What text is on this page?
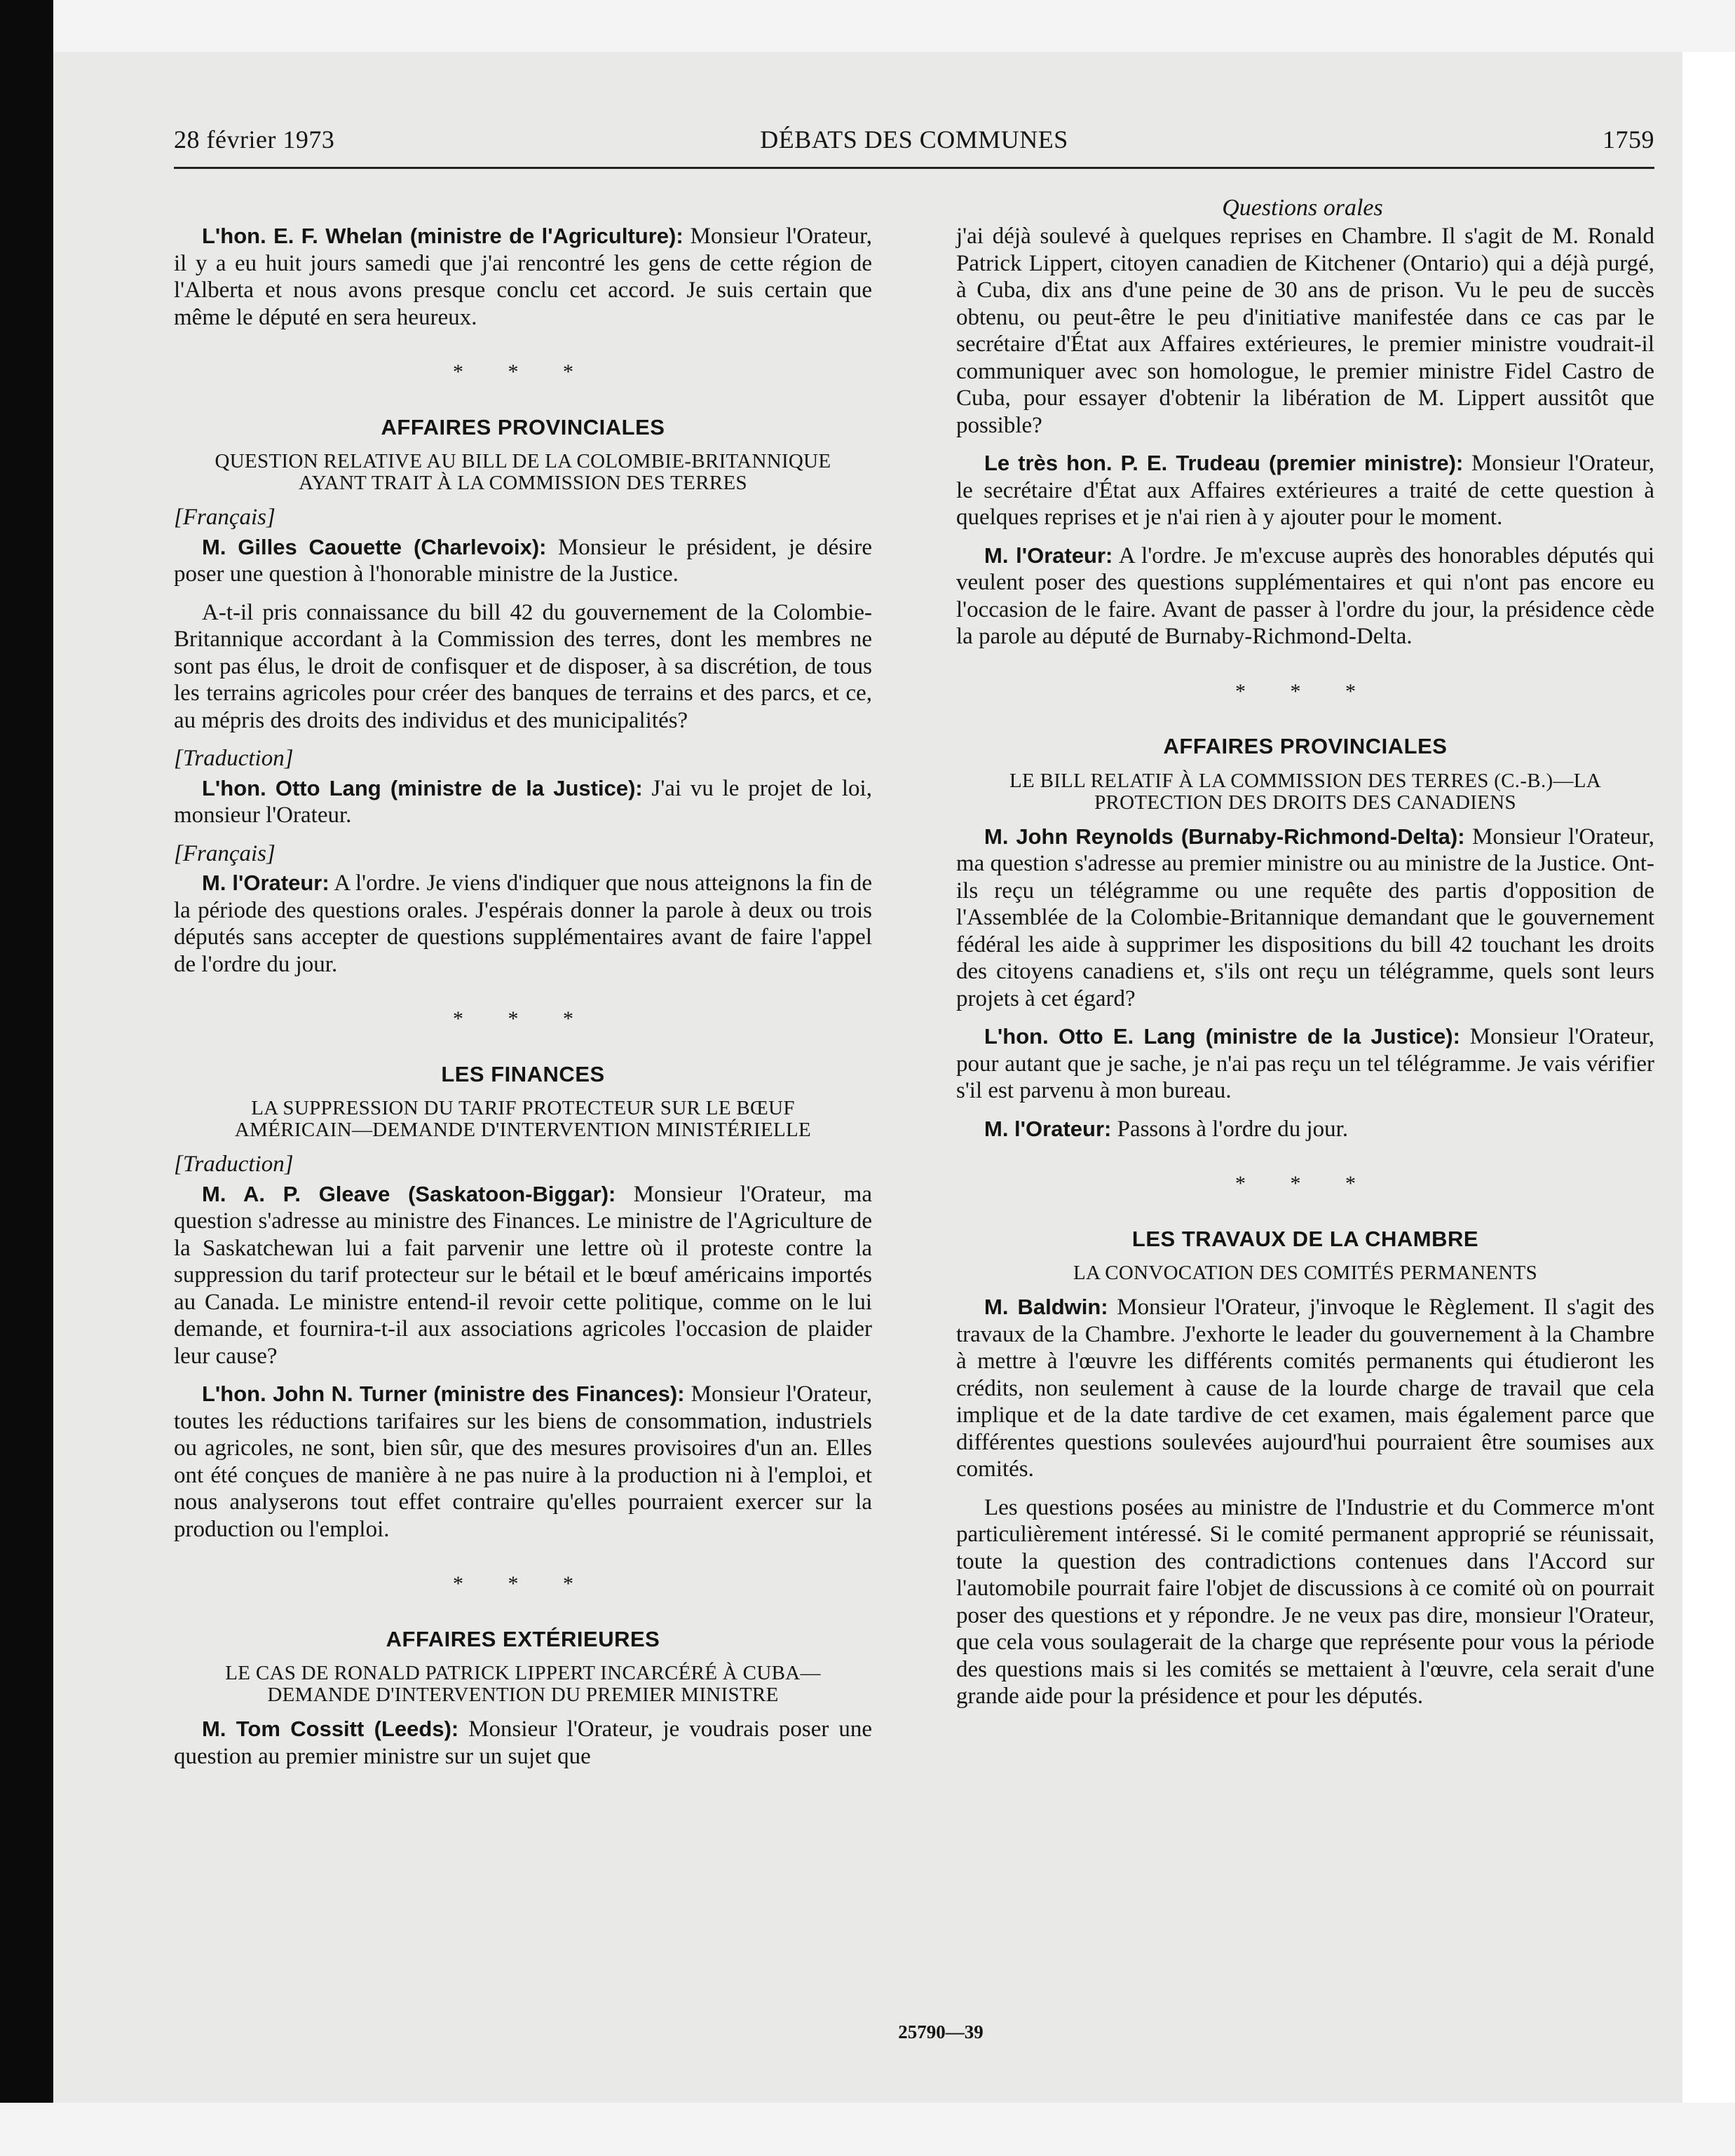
28 février 1973	DÉBATS DES COMMUNES	1759
Questions orales

L'hon. E. F. Whelan (ministre de l'Agriculture): Monsieur l'Orateur, il y a eu huit jours samedi que j'ai rencontré les gens de cette région de l'Alberta et nous avons presque conclu cet accord. Je suis certain que même le député en sera heureux.

* * *
AFFAIRES PROVINCIALES
QUESTION RELATIVE AU BILL DE LA COLOMBIE-BRITANNIQUE AYANT TRAIT À LA COMMISSION DES TERRES
[Français]

M. Gilles Caouette (Charlevoix): Monsieur le président, je désire poser une question à l'honorable ministre de la Justice.

A-t-il pris connaissance du bill 42 du gouvernement de la Colombie-Britannique accordant à la Commission des terres, dont les membres ne sont pas élus, le droit de confisquer et de disposer, à sa discrétion, de tous les terrains agricoles pour créer des banques de terrains et des parcs, et ce, au mépris des droits des individus et des municipalités?

[Traduction]

L'hon. Otto Lang (ministre de la Justice): J'ai vu le projet de loi, monsieur l'Orateur.

[Français]

M. l'Orateur: A l'ordre. Je viens d'indiquer que nous atteignons la fin de la période des questions orales. J'espérais donner la parole à deux ou trois députés sans accepter de questions supplémentaires avant de faire l'appel de l'ordre du jour.

* * *
LES FINANCES
LA SUPPRESSION DU TARIF PROTECTEUR SUR LE BŒUF AMÉRICAIN—DEMANDE D'INTERVENTION MINISTÉRIELLE
[Traduction]

M. A. P. Gleave (Saskatoon-Biggar): Monsieur l'Orateur, ma question s'adresse au ministre des Finances. Le ministre de l'Agriculture de la Saskatchewan lui a fait parvenir une lettre où il proteste contre la suppression du tarif protecteur sur le bétail et le bœuf américains importés au Canada. Le ministre entend-il revoir cette politique, comme on le lui demande, et fournira-t-il aux associations agricoles l'occasion de plaider leur cause?

L'hon. John N. Turner (ministre des Finances): Monsieur l'Orateur, toutes les réductions tarifaires sur les biens de consommation, industriels ou agricoles, ne sont, bien sûr, que des mesures provisoires d'un an. Elles ont été conçues de manière à ne pas nuire à la production ni à l'emploi, et nous analyserons tout effet contraire qu'elles pourraient exercer sur la production ou l'emploi.

* * *
AFFAIRES EXTÉRIEURES
LE CAS DE RONALD PATRICK LIPPERT INCARCÉRÉ À CUBA—DEMANDE D'INTERVENTION DU PREMIER MINISTRE

M. Tom Cossitt (Leeds): Monsieur l'Orateur, je voudrais poser une question au premier ministre sur un sujet que

j'ai déjà soulevé à quelques reprises en Chambre. Il s'agit de M. Ronald Patrick Lippert, citoyen canadien de Kitchener (Ontario) qui a déjà purgé, à Cuba, dix ans d'une peine de 30 ans de prison. Vu le peu de succès obtenu, ou peut-être le peu d'initiative manifestée dans ce cas par le secrétaire d'État aux Affaires extérieures, le premier ministre voudrait-il communiquer avec son homologue, le premier ministre Fidel Castro de Cuba, pour essayer d'obtenir la libération de M. Lippert aussitôt que possible?

Le très hon. P. E. Trudeau (premier ministre): Monsieur l'Orateur, le secrétaire d'État aux Affaires extérieures a traité de cette question à quelques reprises et je n'ai rien à y ajouter pour le moment.

M. l'Orateur: A l'ordre. Je m'excuse auprès des honorables députés qui veulent poser des questions supplémentaires et qui n'ont pas encore eu l'occasion de le faire. Avant de passer à l'ordre du jour, la présidence cède la parole au député de Burnaby-Richmond-Delta.

* * *
AFFAIRES PROVINCIALES
LE BILL RELATIF À LA COMMISSION DES TERRES (C.-B.)—LA PROTECTION DES DROITS DES CANADIENS

M. John Reynolds (Burnaby-Richmond-Delta): Monsieur l'Orateur, ma question s'adresse au premier ministre ou au ministre de la Justice. Ont-ils reçu un télégramme ou une requête des partis d'opposition de l'Assemblée de la Colombie-Britannique demandant que le gouvernement fédéral les aide à supprimer les dispositions du bill 42 touchant les droits des citoyens canadiens et, s'ils ont reçu un télégramme, quels sont leurs projets à cet égard?

L'hon. Otto E. Lang (ministre de la Justice): Monsieur l'Orateur, pour autant que je sache, je n'ai pas reçu un tel télégramme. Je vais vérifier s'il est parvenu à mon bureau.

M. l'Orateur: Passons à l'ordre du jour.

* * *
LES TRAVAUX DE LA CHAMBRE
LA CONVOCATION DES COMITÉS PERMANENTS

M. Baldwin: Monsieur l'Orateur, j'invoque le Règlement. Il s'agit des travaux de la Chambre. J'exhorte le leader du gouvernement à la Chambre à mettre à l'œuvre les différents comités permanents qui étudieront les crédits, non seulement à cause de la lourde charge de travail que cela implique et de la date tardive de cet examen, mais également parce que différentes questions soulevées aujourd'hui pourraient être soumises aux comités.

Les questions posées au ministre de l'Industrie et du Commerce m'ont particulièrement intéressé. Si le comité permanent approprié se réunissait, toute la question des contradictions contenues dans l'Accord sur l'automobile pourrait faire l'objet de discussions à ce comité où on pourrait poser des questions et y répondre. Je ne veux pas dire, monsieur l'Orateur, que cela vous soulagerait de la charge que représente pour vous la période des questions mais si les comités se mettaient à l'œuvre, cela serait d'une grande aide pour la présidence et pour les députés.

25790—39
